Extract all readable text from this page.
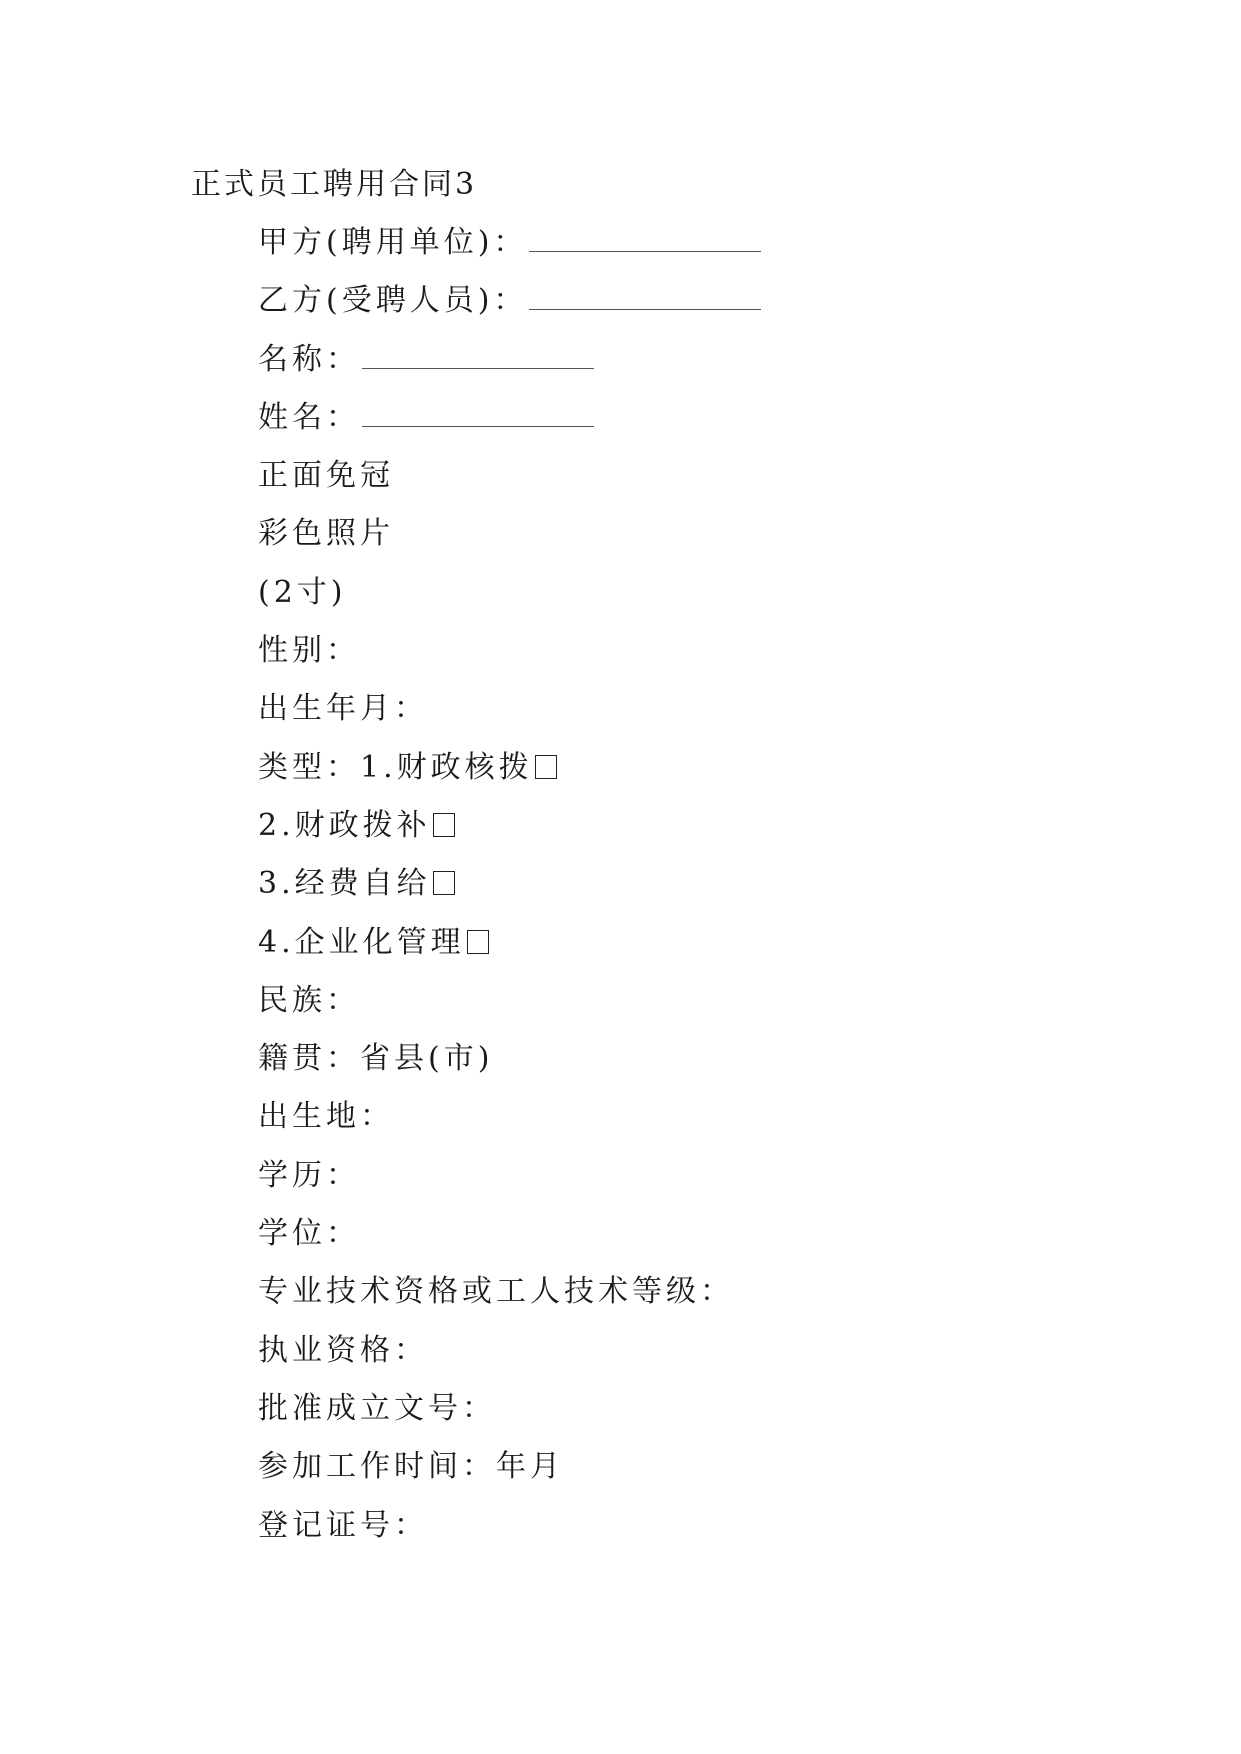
正式员工聘用合同3
甲方(聘用单位)：
乙方(受聘人员)：
名称：
姓名：
正面免冠
彩色照片
(2寸)
性别：
出生年月：
类型：1.财政核拨
2.财政拨补
3.经费自给
4.企业化管理
民族：
籍贯：省县(市)
出生地：
学历：
学位：
专业技术资格或工人技术等级：
执业资格：
批准成立文号：
参加工作时间：年月
登记证号：
